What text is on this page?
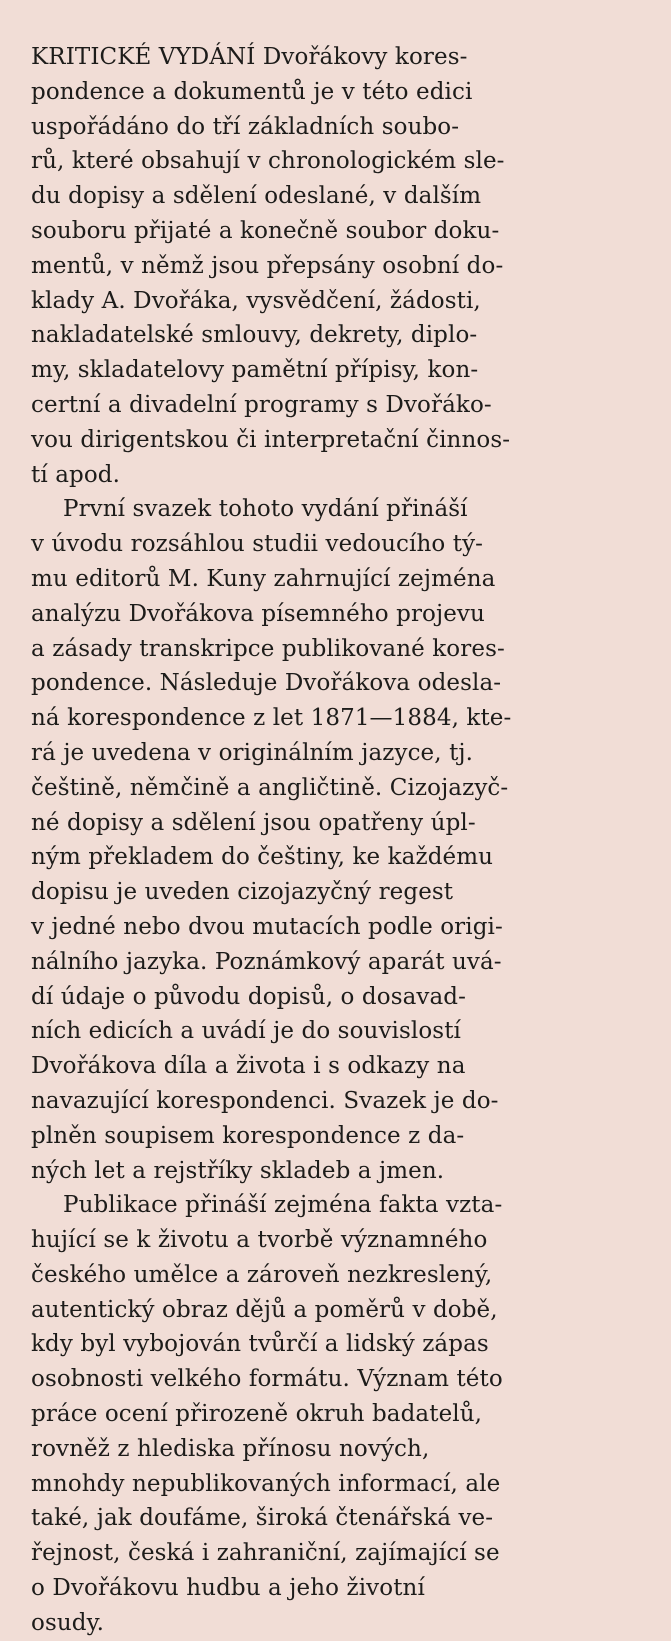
KRITICKÉ VYDÁNÍ Dvořákovy kores-
pondence a dokumentů je v této edici
uspořádáno do tří základních soubo-
rů, které obsahují v chronologickém sle-
du dopisy a sdělení odeslané, v dalším
souboru přijaté a konečně soubor doku-
mentů, v němž jsou přepsány osobní do-
klady A. Dvořáka, vysvědčení, žádosti,
nakladatelské smlouvy, dekrety, diplo-
my, skladatelovy pamětní přípisy, kon-
certní a divadelní programy s Dvořáko-
vou dirigentskou či interpretační činnos-
tí apod.
První svazek tohoto vydání přináší
v úvodu rozsáhlou studii vedoucího tý-
mu editorů M. Kuny zahrnující zejména
analýzu Dvořákova písemného projevu
a zásady transkripce publikované kores-
pondence. Následuje Dvořákova odesla-
ná korespondence z let 1871—1884, kte-
rá je uvedena v originálním jazyce, tj.
češtině, němčině a angličtině. Cizojazyč-
né dopisy a sdělení jsou opatřeny úpl-
ným překladem do češtiny, ke každému
dopisu je uveden cizojazyčný regest
v jedné nebo dvou mutacích podle origi-
nálního jazyka. Poznámkový aparát uvá-
dí údaje o původu dopisů, o dosavad-
ních edicích a uvádí je do souvislostí
Dvořákova díla a života i s odkazy na
navazující korespondenci. Svazek je do-
plněn soupisem korespondence z da-
ných let a rejstříky skladeb a jmen.
Publikace přináší zejména fakta vzta-
hující se k životu a tvorbě významného
českého umělce a zároveň nezkreslený,
autentický obraz dějů a poměrů v době,
kdy byl vybojován tvůrčí a lidský zápas
osobnosti velkého formátu. Význam této
práce ocení přirozeně okruh badatelů,
rovněž z hlediska přínosu nových,
mnohdy nepublikovaných informací, ale
také, jak doufáme, široká čtenářská ve-
řejnost, česká i zahraniční, zajímající se
o Dvořákovu hudbu a jeho životní
osudy.
